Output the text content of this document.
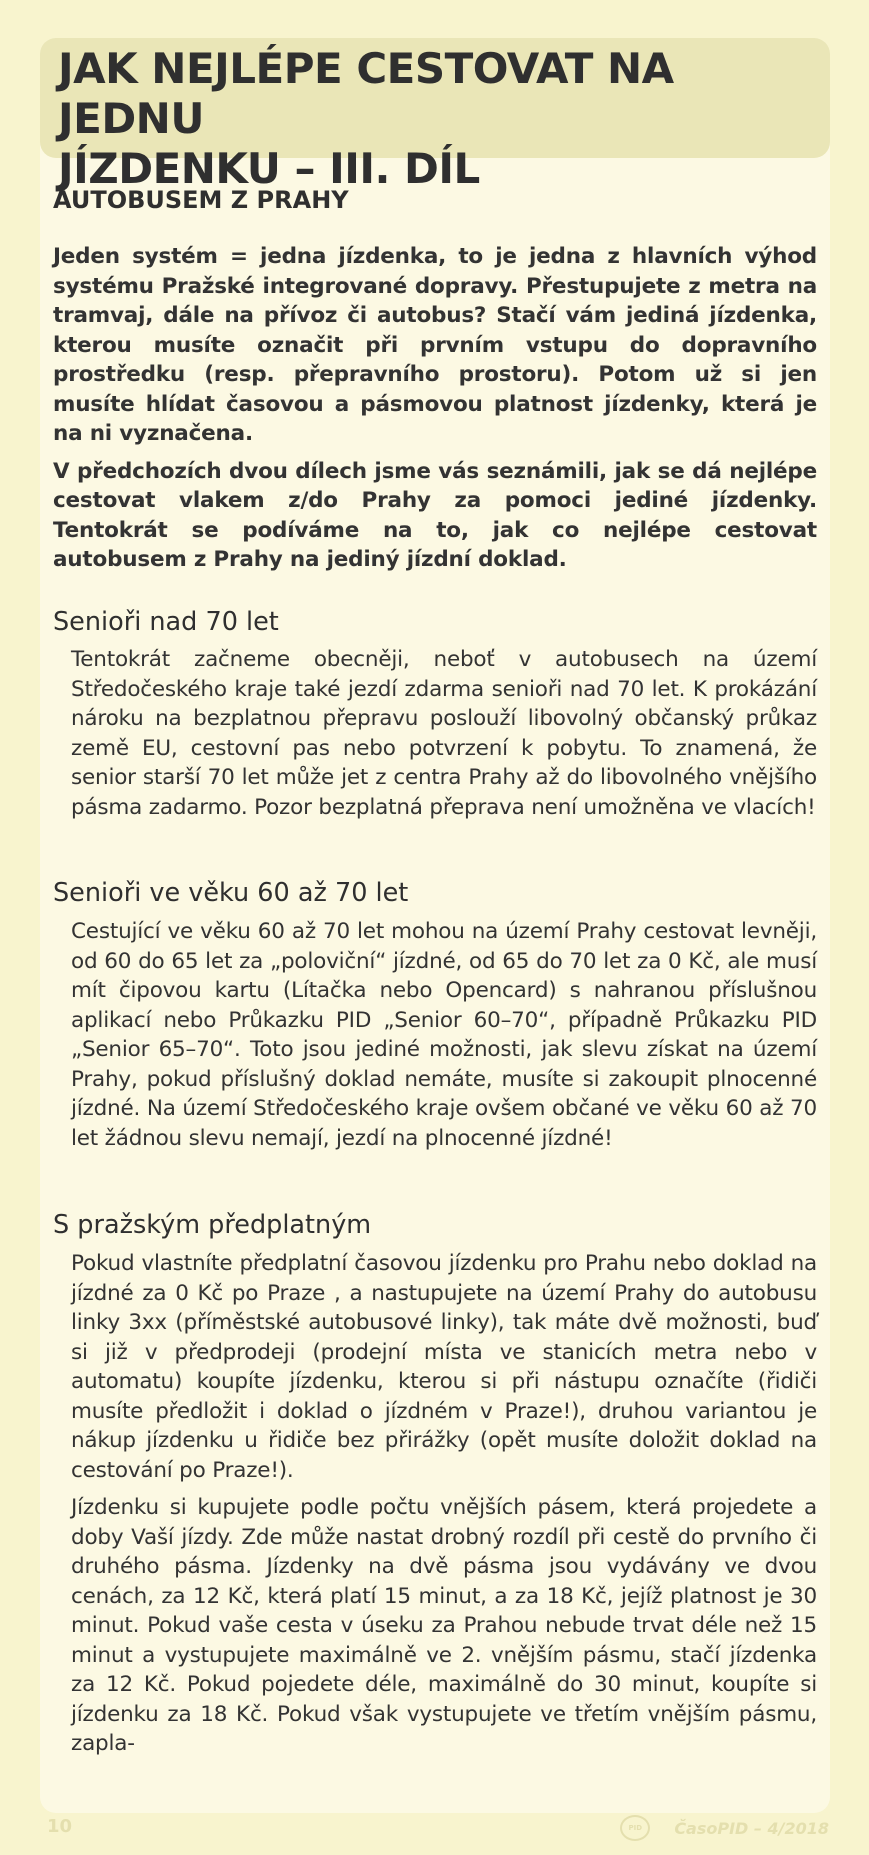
JAK NEJLÉPE CESTOVAT NA JEDNU
JÍZDENKU – III. DÍL
AUTOBUSEM Z PRAHY

Jeden systém = jedna jízdenka, to je jedna z hlavních výhod systému Pražské integrované dopravy. Přestupujete z metra na tramvaj, dále na přívoz či autobus? Stačí vám jediná jízdenka, kterou musíte označit při prvním vstupu do dopravního prostředku (resp. přepravního prostoru). Potom už si jen musíte hlídat časovou a pásmovou platnost jízdenky, která je na ni vyznačena.

V předchozích dvou dílech jsme vás seznámili, jak se dá nejlépe cestovat vlakem z/do Prahy za pomoci jediné jízdenky. Tentokrát se podíváme na to, jak co nejlépe cestovat autobusem z Prahy na jediný jízdní doklad.

Senioři nad 70 let

Tentokrát začneme obecněji, neboť v autobusech na území Středočeského kraje také jezdí zdarma senioři nad 70 let. K prokázání nároku na bezplatnou přepravu poslouží libovolný občanský průkaz země EU, cestovní pas nebo potvrzení k pobytu. To znamená, že senior starší 70 let může jet z centra Prahy až do libovolného vnějšího pásma zadarmo. Pozor bezplatná přeprava není umožněna ve vlacích!

Senioři ve věku 60 až 70 let

Cestující ve věku 60 až 70 let mohou na území Prahy cestovat levněji, od 60 do 65 let za „poloviční“ jízdné, od 65 do 70 let za 0 Kč, ale musí mít čipovou kartu (Lítačka nebo Opencard) s nahranou příslušnou aplikací nebo Průkazku PID „Senior 60–70“, případně Průkazku PID „Senior 65–70“. Toto jsou jediné možnosti, jak slevu získat na území Prahy, pokud příslušný doklad nemáte, musíte si zakoupit plnocenné jízdné. Na území Středočeského kraje ovšem občané ve věku 60 až 70 let žádnou slevu nemají, jezdí na plnocenné jízdné!

S pražským předplatným

Pokud vlastníte předplatní časovou jízdenku pro Prahu nebo doklad na jízdné za 0 Kč po Praze , a nastupujete na území Prahy do autobusu linky 3xx (příměstské autobusové linky), tak máte dvě možnosti, buď si již v předprodeji (prodejní místa ve stanicích metra nebo v automatu) koupíte jízdenku, kterou si při nástupu označíte (řidiči musíte předložit i doklad o jízdném v Praze!), druhou variantou je nákup jízdenku u řidiče bez přirážky (opět musíte doložit doklad na cestování po Praze!).

Jízdenku si kupujete podle počtu vnějších pásem, která projedete a doby Vaší jízdy. Zde může nastat drobný rozdíl při cestě do prvního či druhého pásma. Jízdenky na dvě pásma jsou vydávány ve dvou cenách, za 12 Kč, která platí 15 minut, a za 18 Kč, jejíž platnost je 30 minut. Pokud vaše cesta v úseku za Prahou nebude trvat déle než 15 minut a vystupujete maximálně ve 2. vnějším pásmu, stačí jízdenka za 12 Kč. Pokud pojedete déle, maximálně do 30 minut, koupíte si jízdenku za 18 Kč. Pokud však vystupujete ve třetím vnějším pásmu, zapla-

10	PID	ČasoPID – 4/2018
